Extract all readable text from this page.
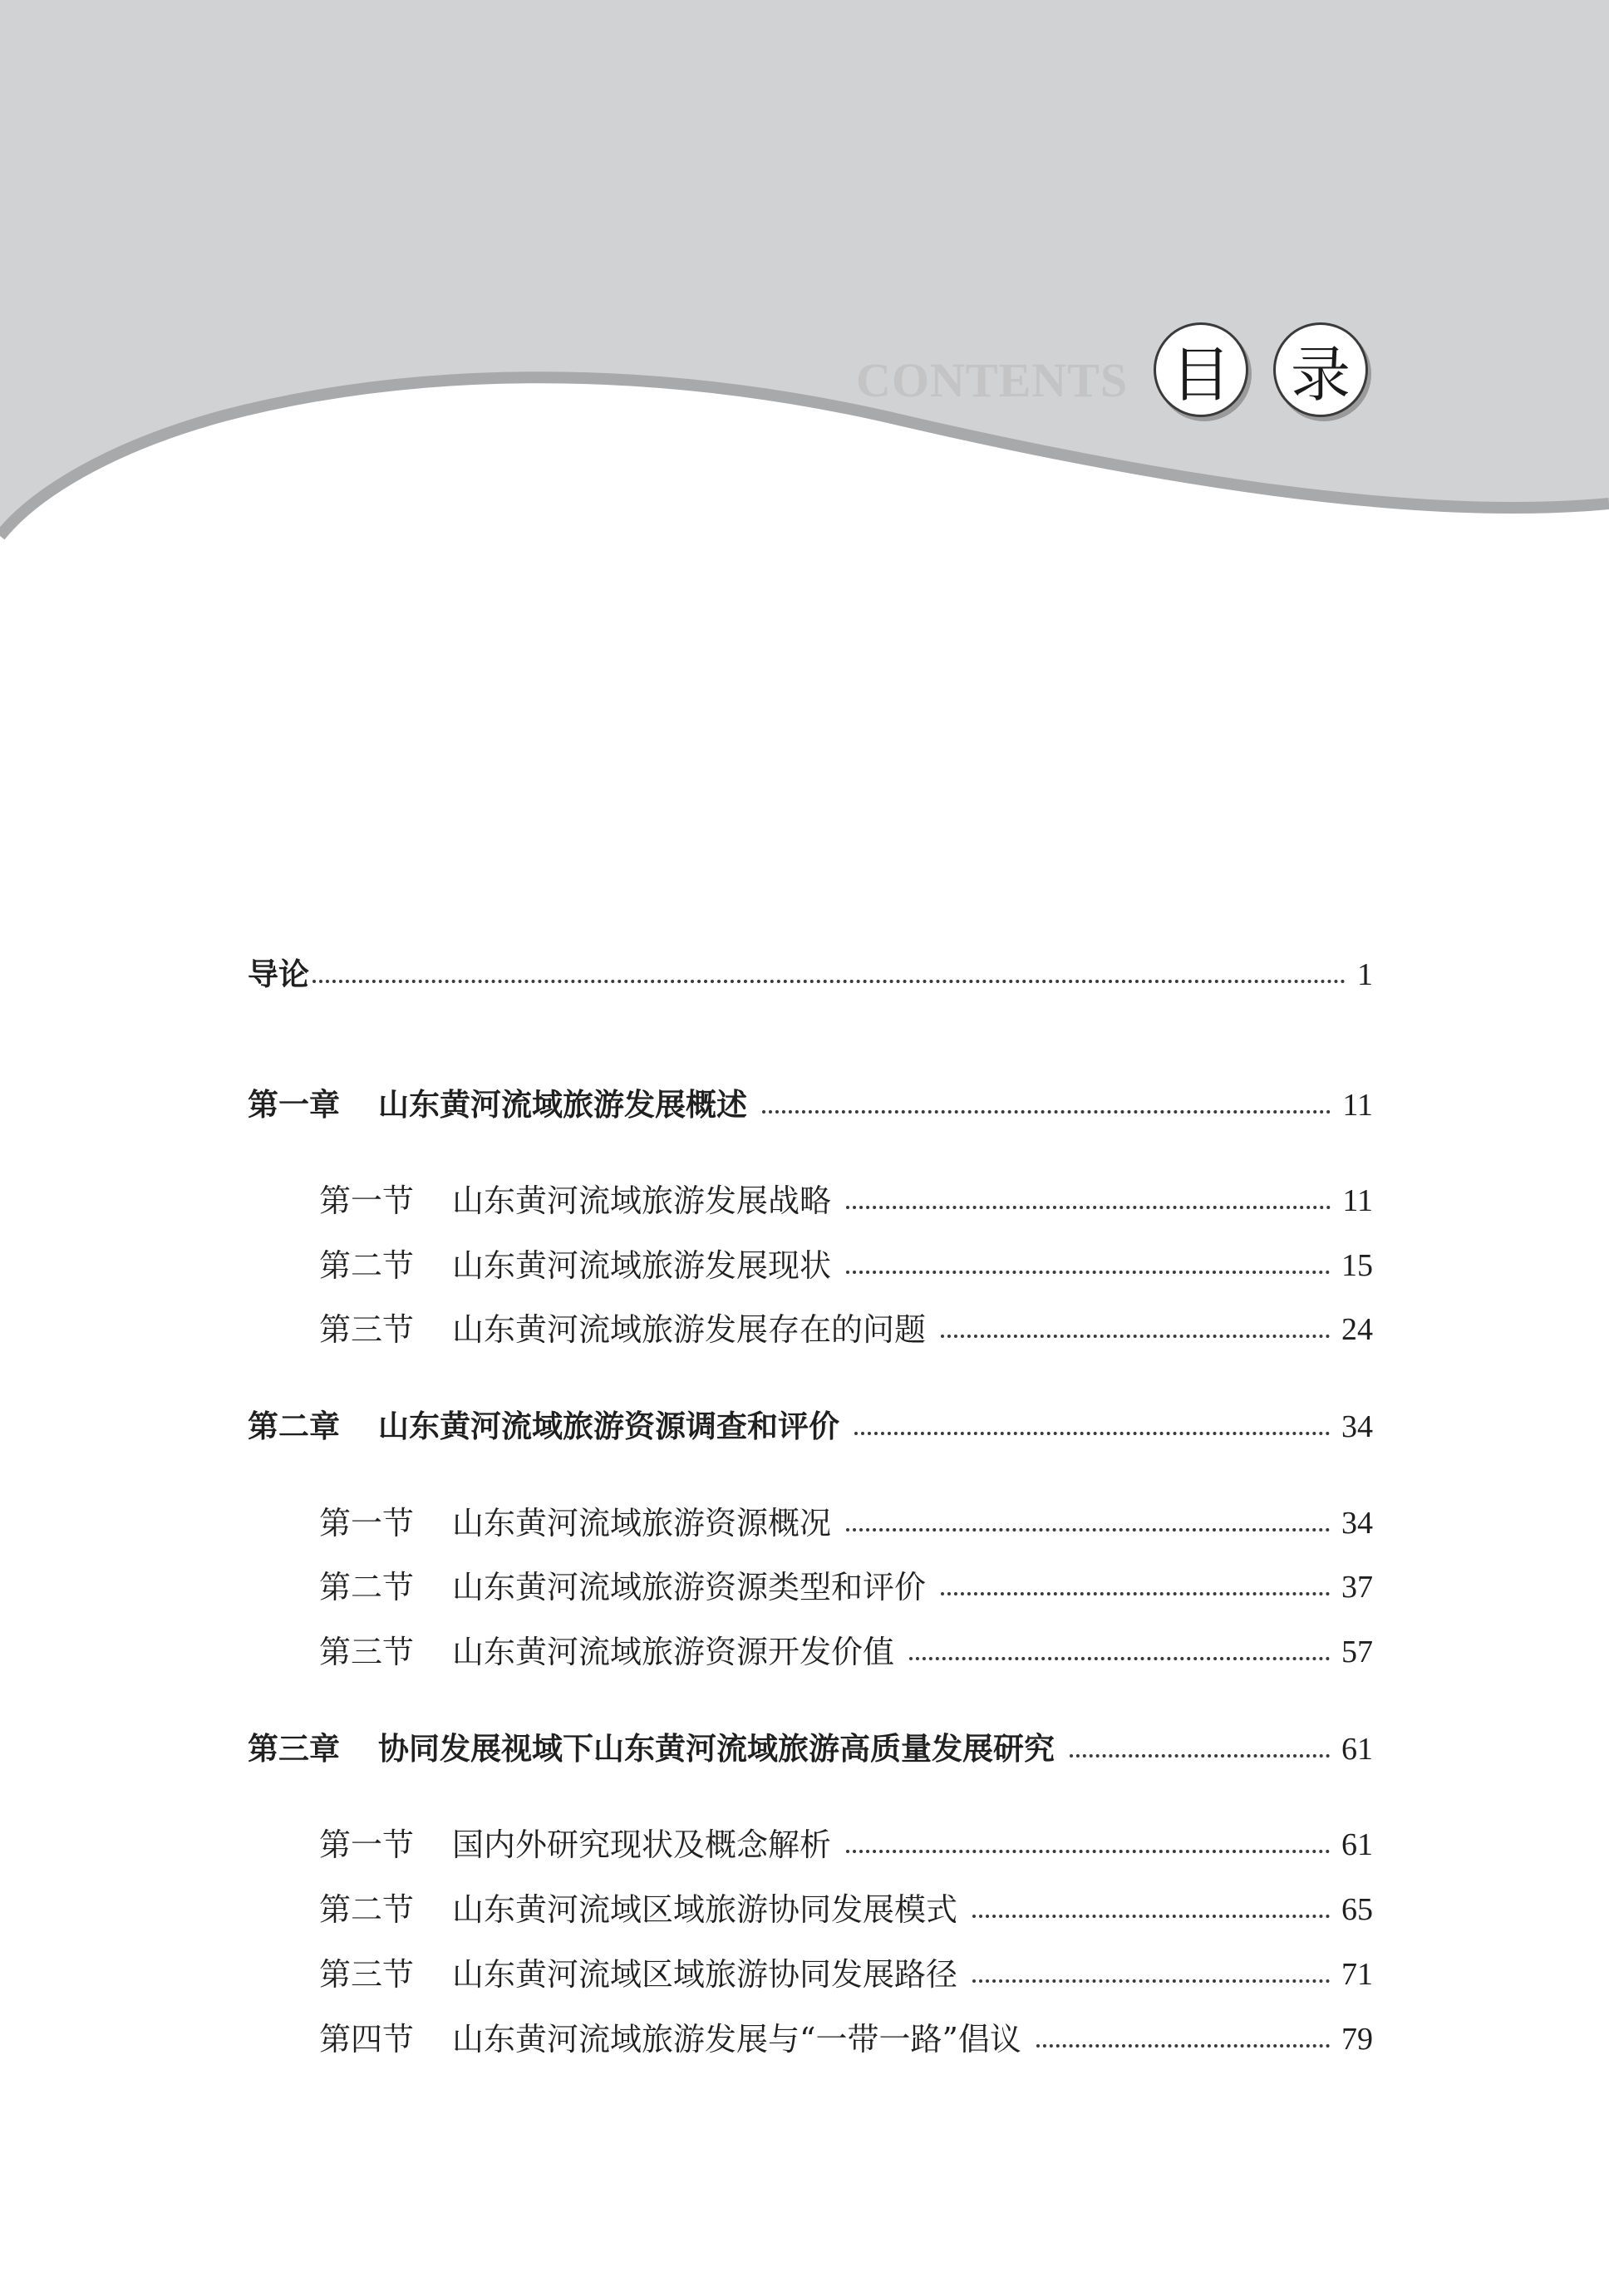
CONTENTS 目 录
导论	1
第一章 山东黄河流域旅游发展概述	11
第一节 山东黄河流域旅游发展战略	11
第二节 山东黄河流域旅游发展现状	15
第三节 山东黄河流域旅游发展存在的问题	24
第二章 山东黄河流域旅游资源调查和评价	34
第一节 山东黄河流域旅游资源概况	34
第二节 山东黄河流域旅游资源类型和评价	37
第三节 山东黄河流域旅游资源开发价值	57
第三章 协同发展视域下山东黄河流域旅游高质量发展研究	61
第一节 国内外研究现状及概念解析	61
第二节 山东黄河流域区域旅游协同发展模式	65
第三节 山东黄河流域区域旅游协同发展路径	71
第四节 山东黄河流域旅游发展与“一带一路”倡议	79
